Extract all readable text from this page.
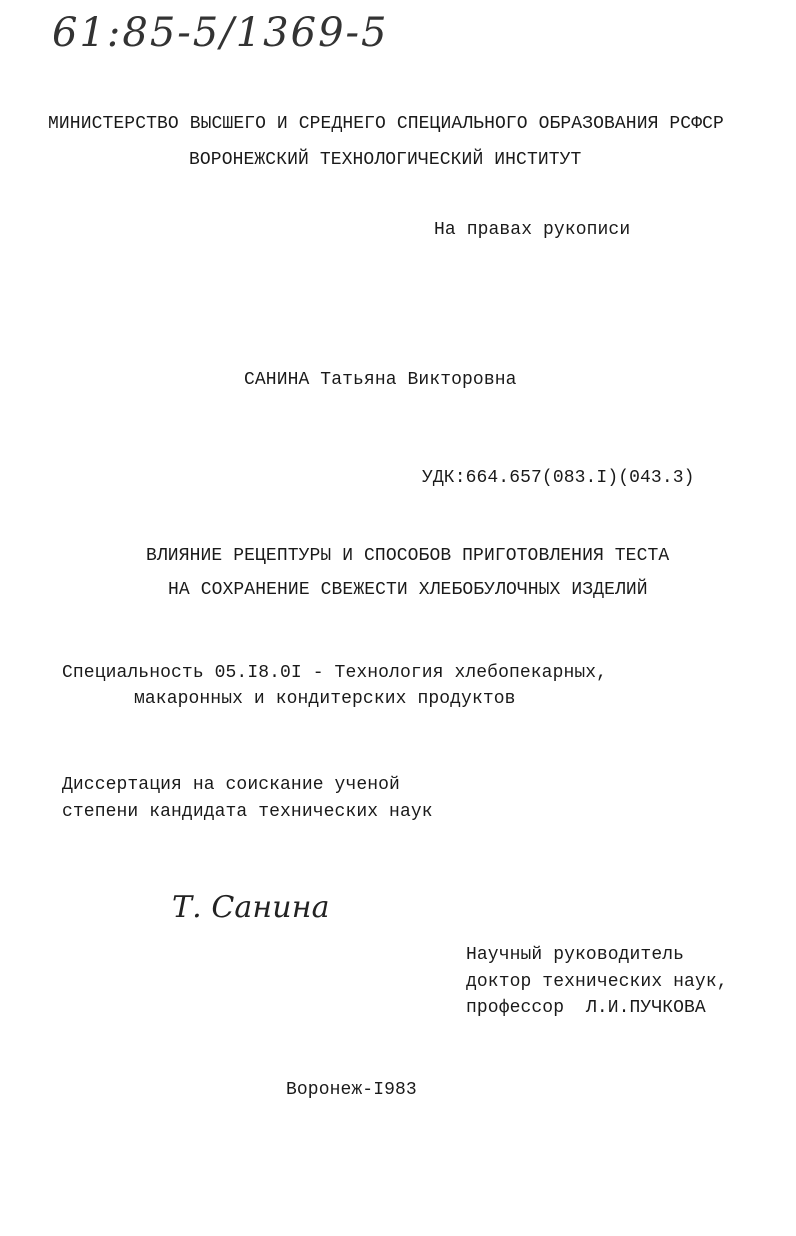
61:85-5/1369-5
МИНИСТЕРСТВО ВЫСШЕГО И СРЕДНЕГО СПЕЦИАЛЬНОГО ОБРАЗОВАНИЯ РСФСР
ВОРОНЕЖСКИЙ ТЕХНОЛОГИЧЕСКИЙ ИНСТИТУТ
На правах рукописи
САНИНА Татьяна Викторовна
УДК:664.657(083.I)(043.3)
ВЛИЯНИЕ РЕЦЕПТУРЫ И СПОСОБОВ ПРИГОТОВЛЕНИЯ ТЕСТА
НА СОХРАНЕНИЕ СВЕЖЕСТИ ХЛЕБОБУЛОЧНЫХ ИЗДЕЛИЙ
Специальность 05.I8.0I - Технология хлебопекарных,
макаронных и кондитерских продуктов
Диссертация на соискание ученой
степени кандидата технических наук
Т. Санина
Научный руководитель
доктор технических наук,
профессор  Л.И.ПУЧКОВА
Воронеж-I983
